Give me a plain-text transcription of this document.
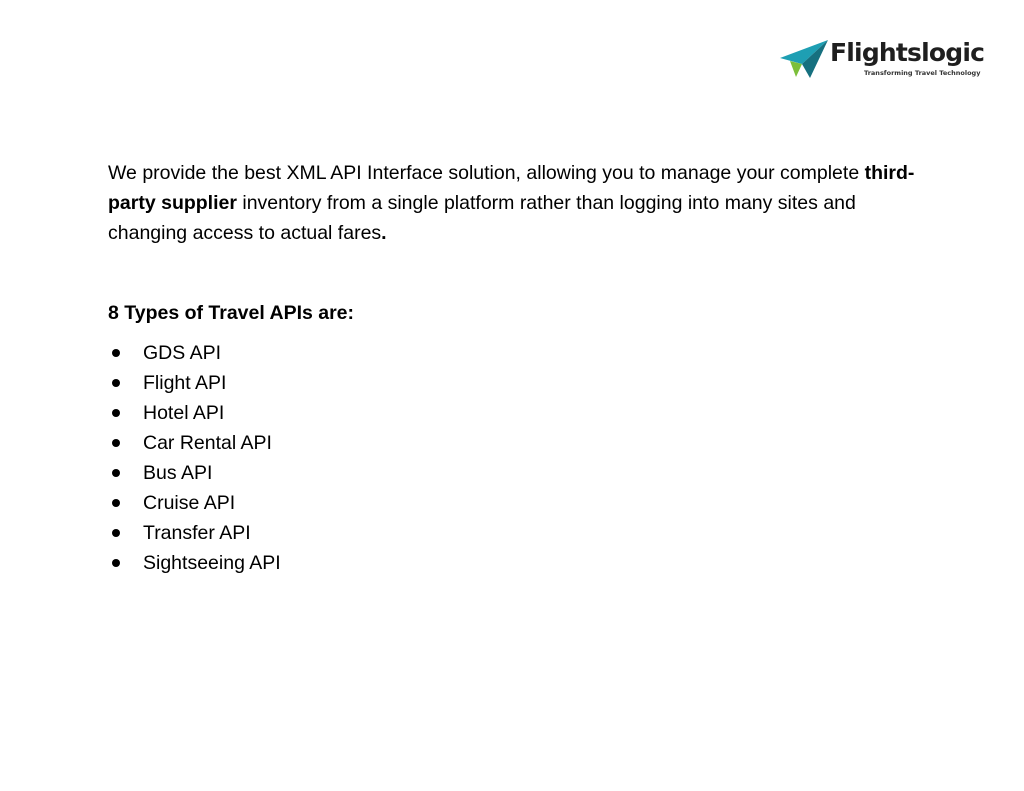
Flightslogic
Transforming Travel Technology

We provide the best XML API Interface solution, allowing you to manage your complete third-party supplier inventory from a single platform rather than logging into many sites and changing access to actual fares.

8 Types of Travel APIs are:

GDS API
Flight API
Hotel API
Car Rental API
Bus API
Cruise API
Transfer API
Sightseeing API
